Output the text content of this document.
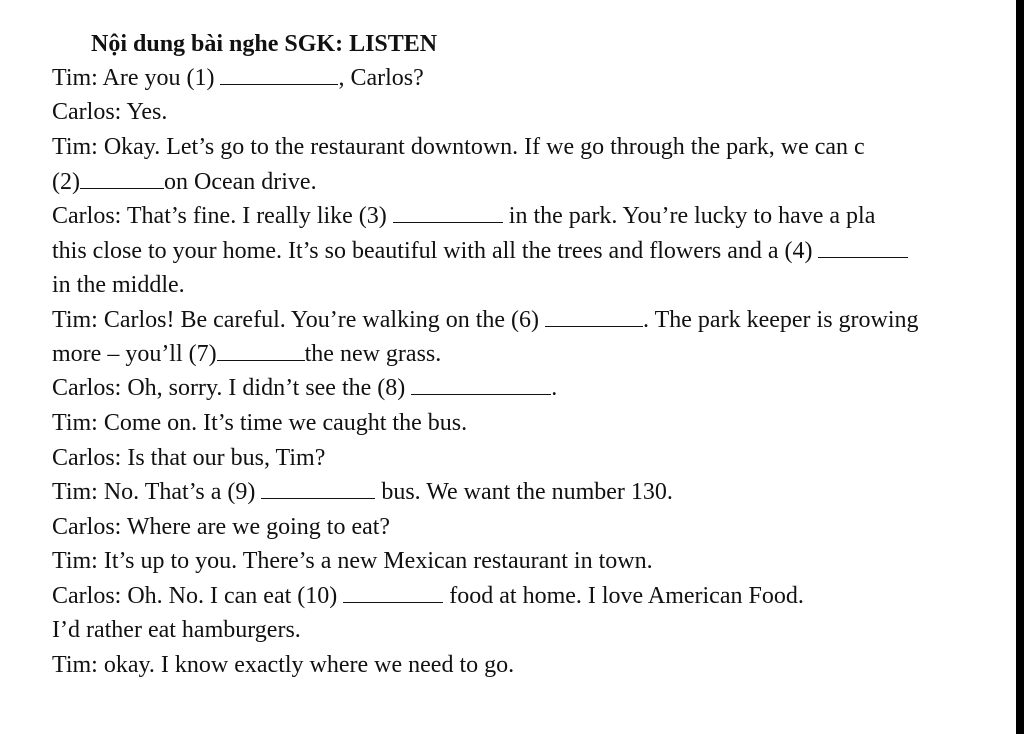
Nội dung bài nghe SGK: LISTEN
Tim: Are you (1)	, Carlos?
Carlos: Yes.
Tim: Okay. Let’s go to the restaurant downtown. If we go through the park, we can c
(2)	on Ocean drive.
Carlos: That’s fine. I really like (3)	in the park. You’re lucky to have a pla
this close to your home. It’s so beautiful with all the trees and flowers and a (4)
in the middle.
Tim: Carlos! Be careful. You’re walking on the (6)	. The park keeper is growing
more – you’ll (7)	the new grass.
Carlos: Oh, sorry. I didn’t see the (8)	.
Tim: Come on. It’s time we caught the bus.
Carlos: Is that our bus, Tim?
Tim: No. That’s a (9)	bus. We want the number 130.
Carlos: Where are we going to eat?
Tim: It’s up to you. There’s a new Mexican restaurant in town.
Carlos: Oh. No. I can eat (10)	food at home. I love American Food.
I’d rather eat hamburgers.
Tim: okay. I know exactly where we need to go.
